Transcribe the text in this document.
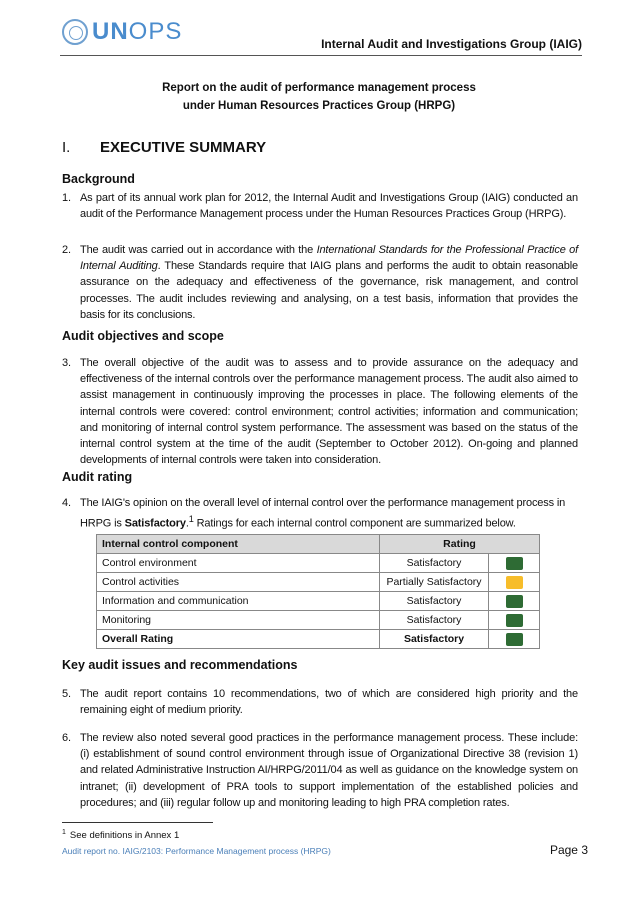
UNOPS	Internal Audit and Investigations Group (IAIG)
Report on the audit of performance management process
under Human Resources Practices Group (HRPG)
I. EXECUTIVE SUMMARY
Background
1. As part of its annual work plan for 2012, the Internal Audit and Investigations Group (IAIG) conducted an audit of the Performance Management process under the Human Resources Practices Group (HRPG).
2. The audit was carried out in accordance with the International Standards for the Professional Practice of Internal Auditing. These Standards require that IAIG plans and performs the audit to obtain reasonable assurance on the adequacy and effectiveness of the governance, risk management, and control processes. The audit includes reviewing and analysing, on a test basis, information that provides the basis for its conclusions.
Audit objectives and scope
3. The overall objective of the audit was to assess and to provide assurance on the adequacy and effectiveness of the internal controls over the performance management process. The audit also aimed to assist management in continuously improving the processes in place. The following elements of the internal controls were covered: control environment; control activities; information and communication; and monitoring of internal control system performance. The assessment was based on the status of the internal control system at the time of the audit (September to October 2012). On-going and planned developments of internal controls were taken into consideration.
Audit rating
4. The IAIG's opinion on the overall level of internal control over the performance management process in HRPG is Satisfactory.$^1$ Ratings for each internal control component are summarized below.
Internal control component	Rating	
Control environment	Satisfactory	

Control activities	Partially Satisfactory	

Information and communication	Satisfactory	

Monitoring	Satisfactory	

Overall Rating	Satisfactory	
Key audit issues and recommendations
5. The audit report contains 10 recommendations, two of which are considered high priority and the remaining eight of medium priority.
6. The review also noted several good practices in the performance management process. These include: (i) establishment of sound control environment through issue of Organizational Directive 38 (revision 1) and related Administrative Instruction AI/HRPG/2011/04 as well as guidance on the knowledge system on intranet; (ii) development of PRA tools to support implementation of the established policies and procedures; and (iii) regular follow up and monitoring leading to high PRA completion rates.
$^1$ See definitions in Annex 1
Audit report no. IAIG/2103: Performance Management process (HRPG)	Page 3
